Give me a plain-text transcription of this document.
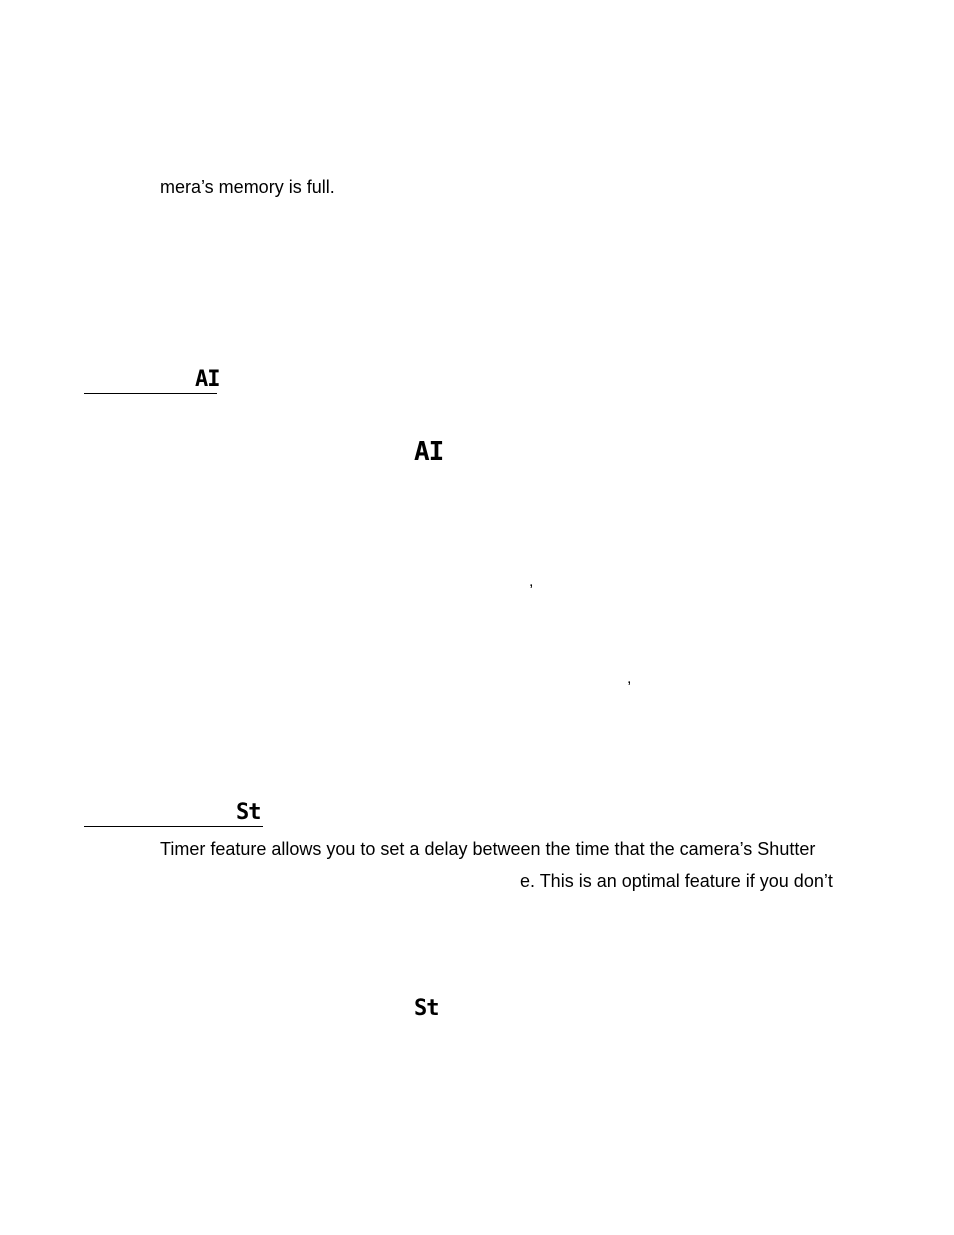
mera’s memory is full.
AI
AI
,
,
St
Timer feature allows you to set a delay between the time that the camera’s Shutter
e. This is an optimal feature if you don’t
St
